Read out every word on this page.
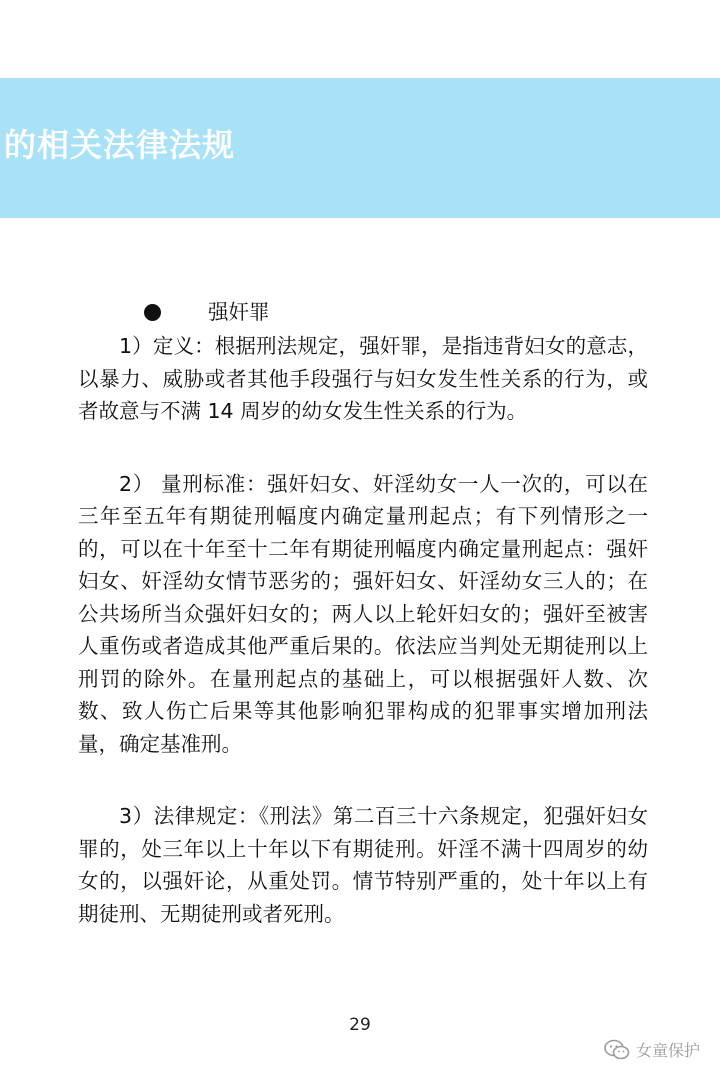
的相关法律法规
强奸罪

1）定义：根据刑法规定，强奸罪，是指违背妇女的意志，以暴力、威胁或者其他手段强行与妇女发生性关系的行为，或者故意与不满 14 周岁的幼女发生性关系的行为。

2） 量刑标准：强奸妇女、奸淫幼女一人一次的，可以在三年至五年有期徒刑幅度内确定量刑起点；有下列情形之一的，可以在十年至十二年有期徒刑幅度内确定量刑起点：强奸妇女、奸淫幼女情节恶劣的；强奸妇女、奸淫幼女三人的；在公共场所当众强奸妇女的；两人以上轮奸妇女的；强奸至被害人重伤或者造成其他严重后果的。依法应当判处无期徒刑以上刑罚的除外。在量刑起点的基础上，可以根据强奸人数、次数、致人伤亡后果等其他影响犯罪构成的犯罪事实增加刑法量，确定基准刑。

3）法律规定：《刑法》第二百三十六条规定，犯强奸妇女罪的，处三年以上十年以下有期徒刑。奸淫不满十四周岁的幼女的，以强奸论，从重处罚。情节特别严重的，处十年以上有期徒刑、无期徒刑或者死刑。

29
女童保护
